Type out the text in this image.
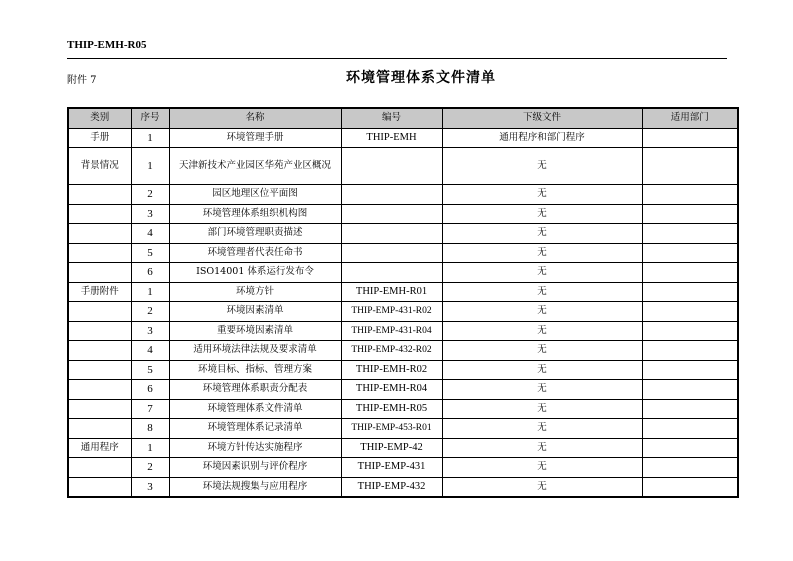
THIP-EMH-R05
附件 7	环境管理体系文件清单
类别	序号	名称	编号	下级文件	适用部门
手册	1	环境管理手册	THIP-EMH	通用程序和部门程序	
背景情况	1	天津新技术产业园区华苑产业区概况		无	
	2	园区地理区位平面图		无	
	3	环境管理体系组织机构图		无	
	4	部门环境管理职责描述		无	
	5	环境管理者代表任命书		无	
	6	ISO14001 体系运行发布令		无	
手册附件	1	环境方针	THIP-EMH-R01	无	
	2	环境因素清单	THIP-EMP-431-R02	无	
	3	重要环境因素清单	THIP-EMP-431-R04	无	
	4	适用环境法律法规及要求清单	THIP-EMP-432-R02	无	
	5	环境目标、指标、管理方案	THIP-EMH-R02	无	
	6	环境管理体系职责分配表	THIP-EMH-R04	无	
	7	环境管理体系文件清单	THIP-EMH-R05	无	
	8	环境管理体系记录清单	THIP-EMP-453-R01	无	
通用程序	1	环境方针传达实施程序	THIP-EMP-42	无	
	2	环境因素识别与评价程序	THIP-EMP-431	无	
	3	环境法规搜集与应用程序	THIP-EMP-432	无	
